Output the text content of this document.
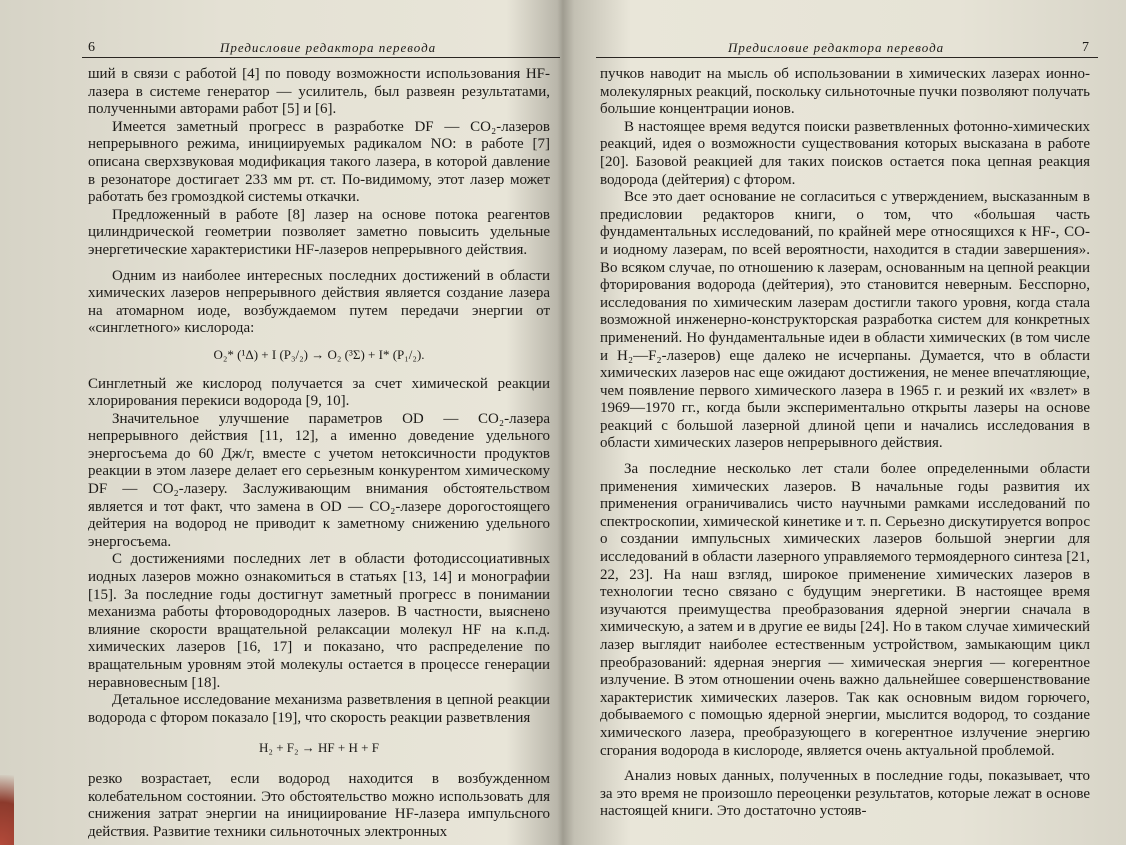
6	Предисловие редактора перевода

ший в связи с работой [4] по поводу возможности использования HF-лазера в системе генератор — усилитель, был развеян результатами, полученными авторами работ [5] и [6].

Имеется заметный прогресс в разработке DF — CO₂-лазеров непрерывного режима, инициируемых радикалом NO: в работе [7] описана сверхзвуковая модификация такого лазера, в которой давление в резонаторе достигает 233 мм рт. ст. По-видимому, этот лазер может работать без громоздкой системы откачки.

Предложенный в работе [8] лазер на основе потока реагентов цилиндрической геометрии позволяет заметно повысить удельные энергетические характеристики HF-лазеров непрерывного действия.

Одним из наиболее интересных последних достижений в области химических лазеров непрерывного действия является создание лазера на атомарном иоде, возбуждаемом путем передачи энергии от «синглетного» кислорода:

O₂* (¹Δ) + I (P₃/₂) → O₂ (³Σ) + I* (P₁/₂).

Синглетный же кислород получается за счет химической реакции хлорирования перекиси водорода [9, 10].

Значительное улучшение параметров OD — CO₂-лазера непрерывного действия [11, 12], а именно доведение удельного энергосъема до 60 Дж/г, вместе с учетом нетоксичности продуктов реакции в этом лазере делает его серьезным конкурентом химическому DF — CO₂-лазеру. Заслуживающим внимания обстоятельством является и тот факт, что замена в OD — CO₂-лазере дорогостоящего дейтерия на водород не приводит к заметному снижению удельного энергосъема.

С достижениями последних лет в области фотодиссоциативных иодных лазеров можно ознакомиться в статьях [13, 14] и монографии [15]. За последние годы достигнут заметный прогресс в понимании механизма работы фтороводородных лазеров. В частности, выяснено влияние скорости вращательной релаксации молекул HF на к.п.д. химических лазеров [16, 17] и показано, что распределение по вращательным уровням этой молекулы остается в процессе генерации неравновесным [18].

Детальное исследование механизма разветвления в цепной реакции водорода с фтором показало [19], что скорость реакции разветвления

H₂ + F₂ → HF + H + F

резко возрастает, если водород находится в возбужденном колебательном состоянии. Это обстоятельство можно использовать для снижения затрат энергии на инициирование HF-лазера импульсного действия. Развитие техники сильноточных электронных

Предисловие редактора перевода	7

пучков наводит на мысль об использовании в химических лазерах ионно-молекулярных реакций, поскольку сильноточные пучки позволяют получать большие концентрации ионов.

В настоящее время ведутся поиски разветвленных фотонно-химических реакций, идея о возможности существования которых высказана в работе [20]. Базовой реакцией для таких поисков остается пока цепная реакция водорода (дейтерия) с фтором.

Все это дает основание не согласиться с утверждением, высказанным в предисловии редакторов книги, о том, что «большая часть фундаментальных исследований, по крайней мере относящихся к HF-, CO- и иодному лазерам, по всей вероятности, находится в стадии завершения». Во всяком случае, по отношению к лазерам, основанным на цепной реакции фторирования водорода (дейтерия), это становится неверным. Бесспорно, исследования по химическим лазерам достигли такого уровня, когда стала возможной инженерно-конструкторская разработка систем для конкретных применений. Но фундаментальные идеи в области химических (в том числе и H₂—F₂-лазеров) еще далеко не исчерпаны. Думается, что в области химических лазеров нас еще ожидают достижения, не менее впечатляющие, чем появление первого химического лазера в 1965 г. и резкий их «взлет» в 1969—1970 гг., когда были экспериментально открыты лазеры на основе реакций с большой лазерной длиной цепи и начались исследования в области химических лазеров непрерывного действия.

За последние несколько лет стали более определенными области применения химических лазеров. В начальные годы развития их применения ограничивались чисто научными рамками исследований по спектроскопии, химической кинетике и т. п. Серьезно дискутируется вопрос о создании импульсных химических лазеров большой энергии для исследований в области лазерного управляемого термоядерного синтеза [21, 22, 23]. На наш взгляд, широкое применение химических лазеров в технологии тесно связано с будущим энергетики. В настоящее время изучаются преимущества преобразования ядерной энергии сначала в химическую, а затем и в другие ее виды [24]. Но в таком случае химический лазер выглядит наиболее естественным устройством, замыкающим цикл преобразований: ядерная энергия — химическая энергия — когерентное излучение. В этом отношении очень важно дальнейшее совершенствование характеристик химических лазеров. Так как основным видом горючего, добываемого с помощью ядерной энергии, мыслится водород, то создание химического лазера, преобразующего в когерентное излучение энергию сгорания водорода в кислороде, является очень актуальной проблемой.

Анализ новых данных, полученных в последние годы, показывает, что за это время не произошло переоценки результатов, которые лежат в основе настоящей книги. Это достаточно устояв-
